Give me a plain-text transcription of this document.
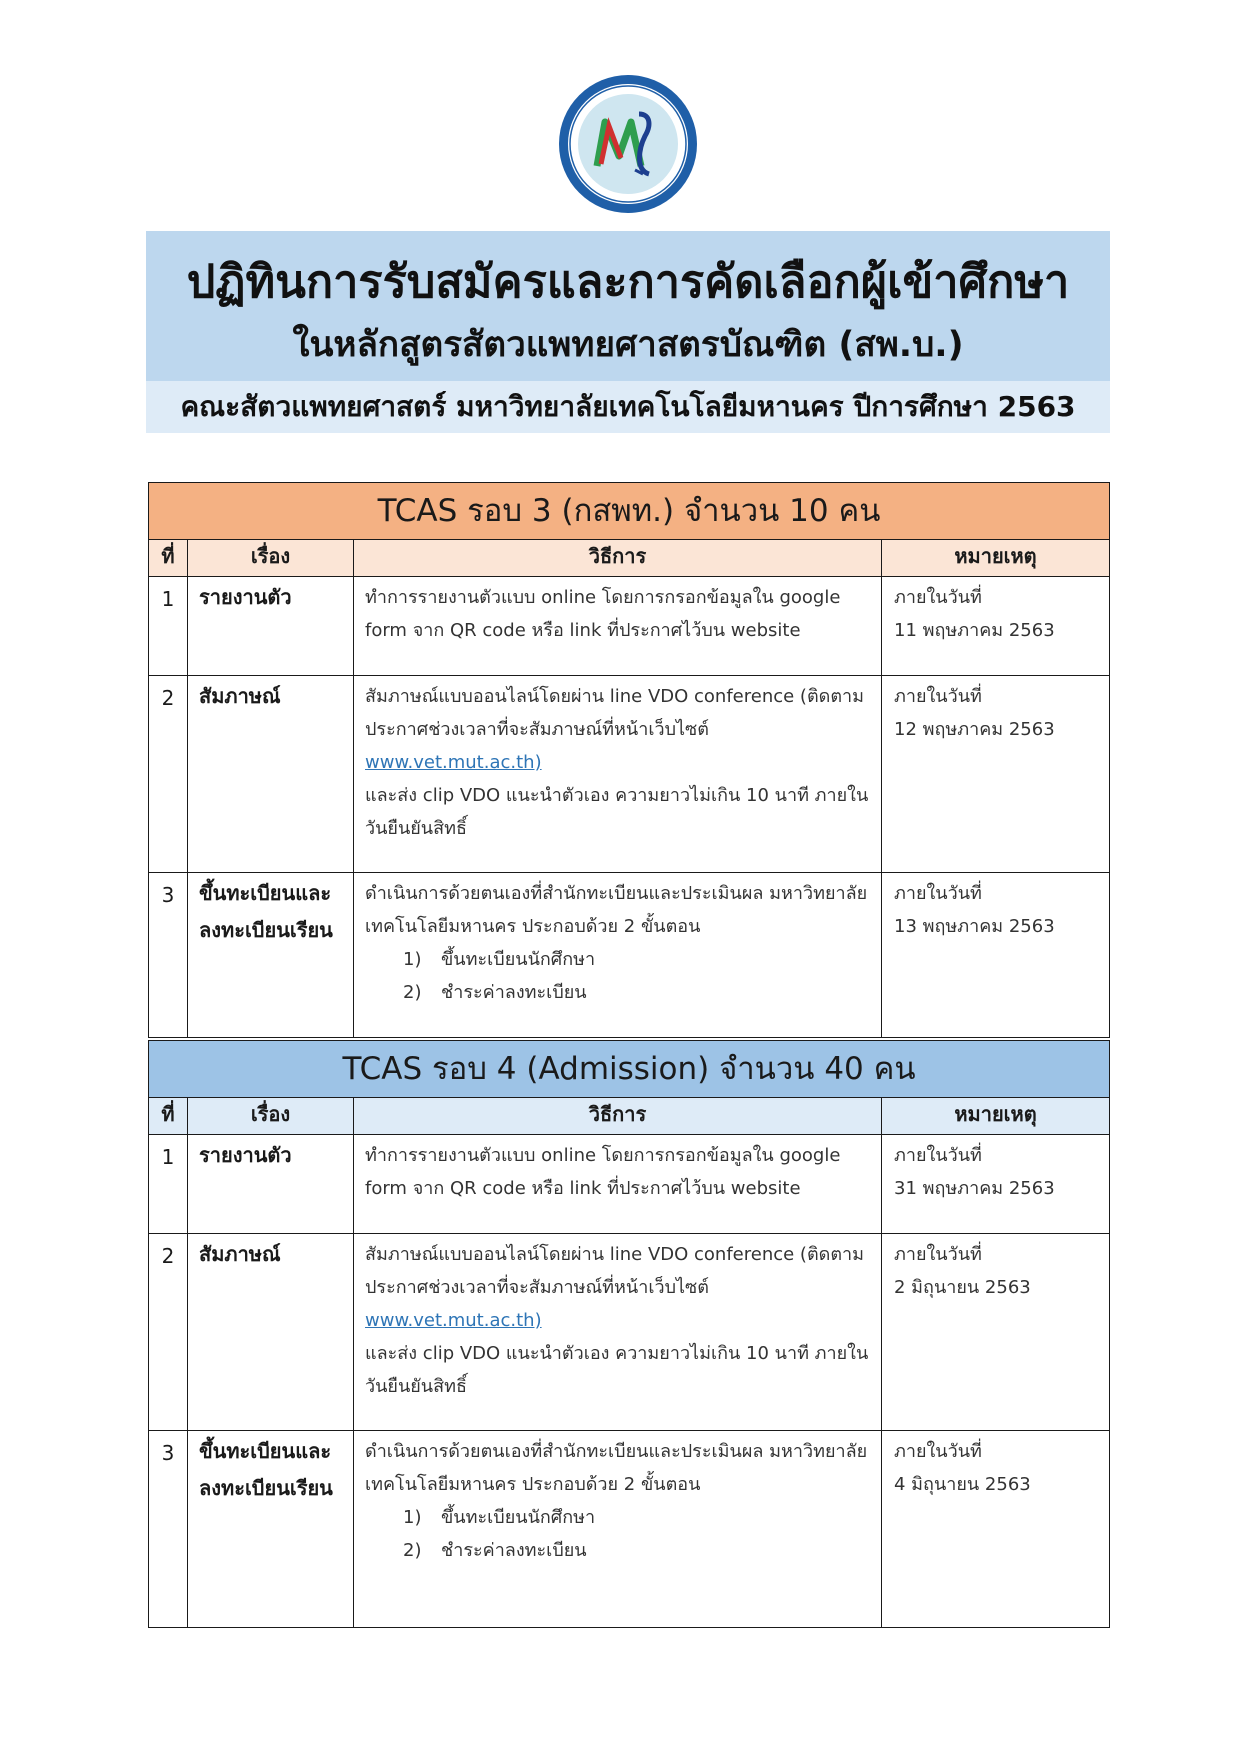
ปฏิทินการรับสมัครและการคัดเลือกผู้เข้าศึกษา
ในหลักสูตรสัตวแพทยศาสตรบัณฑิต (สพ.บ.)
คณะสัตวแพทยศาสตร์ มหาวิทยาลัยเทคโนโลยีมหานคร ปีการศึกษา 2563
TCAS รอบ 3 (กสพท.) จำนวน 10 คน			
ที่	เรื่อง	วิธีการ	หมายเหตุ
1	รายงานตัว	ทำการรายงานตัวแบบ online โดยการกรอกข้อมูลใน google
form จาก QR code หรือ link ที่ประกาศไว้บน website	ภายในวันที่
11 พฤษภาคม 2563

2	สัมภาษณ์	สัมภาษณ์แบบออนไลน์โดยผ่าน line VDO conference (ติดตาม
ประกาศช่วงเวลาที่จะสัมภาษณ์ที่หน้าเว็บไซต์
www.vet.mut.ac.th)
และส่ง clip VDO แนะนำตัวเอง ความยาวไม่เกิน 10 นาที ภายใน
วันยืนยันสิทธิ์	ภายในวันที่
12 พฤษภาคม 2563

3	ขึ้นทะเบียนและ
ลงทะเบียนเรียน	ดำเนินการด้วยตนเองที่สำนักทะเบียนและประเมินผล มหาวิทยาลัย
เทคโนโลยีมหานคร ประกอบด้วย 2 ขั้นตอน
1) ขึ้นทะเบียนนักศึกษา
2) ชำระค่าลงทะเบียน	ภายในวันที่
13 พฤษภาคม 2563
TCAS รอบ 4 (Admission) จำนวน 40 คน			
ที่	เรื่อง	วิธีการ	หมายเหตุ
1	รายงานตัว	ทำการรายงานตัวแบบ online โดยการกรอกข้อมูลใน google
form จาก QR code หรือ link ที่ประกาศไว้บน website	ภายในวันที่
31 พฤษภาคม 2563

2	สัมภาษณ์	สัมภาษณ์แบบออนไลน์โดยผ่าน line VDO conference (ติดตาม
ประกาศช่วงเวลาที่จะสัมภาษณ์ที่หน้าเว็บไซต์
www.vet.mut.ac.th)
และส่ง clip VDO แนะนำตัวเอง ความยาวไม่เกิน 10 นาที ภายใน
วันยืนยันสิทธิ์	ภายในวันที่
2 มิถุนายน 2563

3	ขึ้นทะเบียนและ
ลงทะเบียนเรียน	ดำเนินการด้วยตนเองที่สำนักทะเบียนและประเมินผล มหาวิทยาลัย
เทคโนโลยีมหานคร ประกอบด้วย 2 ขั้นตอน
1) ขึ้นทะเบียนนักศึกษา
2) ชำระค่าลงทะเบียน	ภายในวันที่
4 มิถุนายน 2563
